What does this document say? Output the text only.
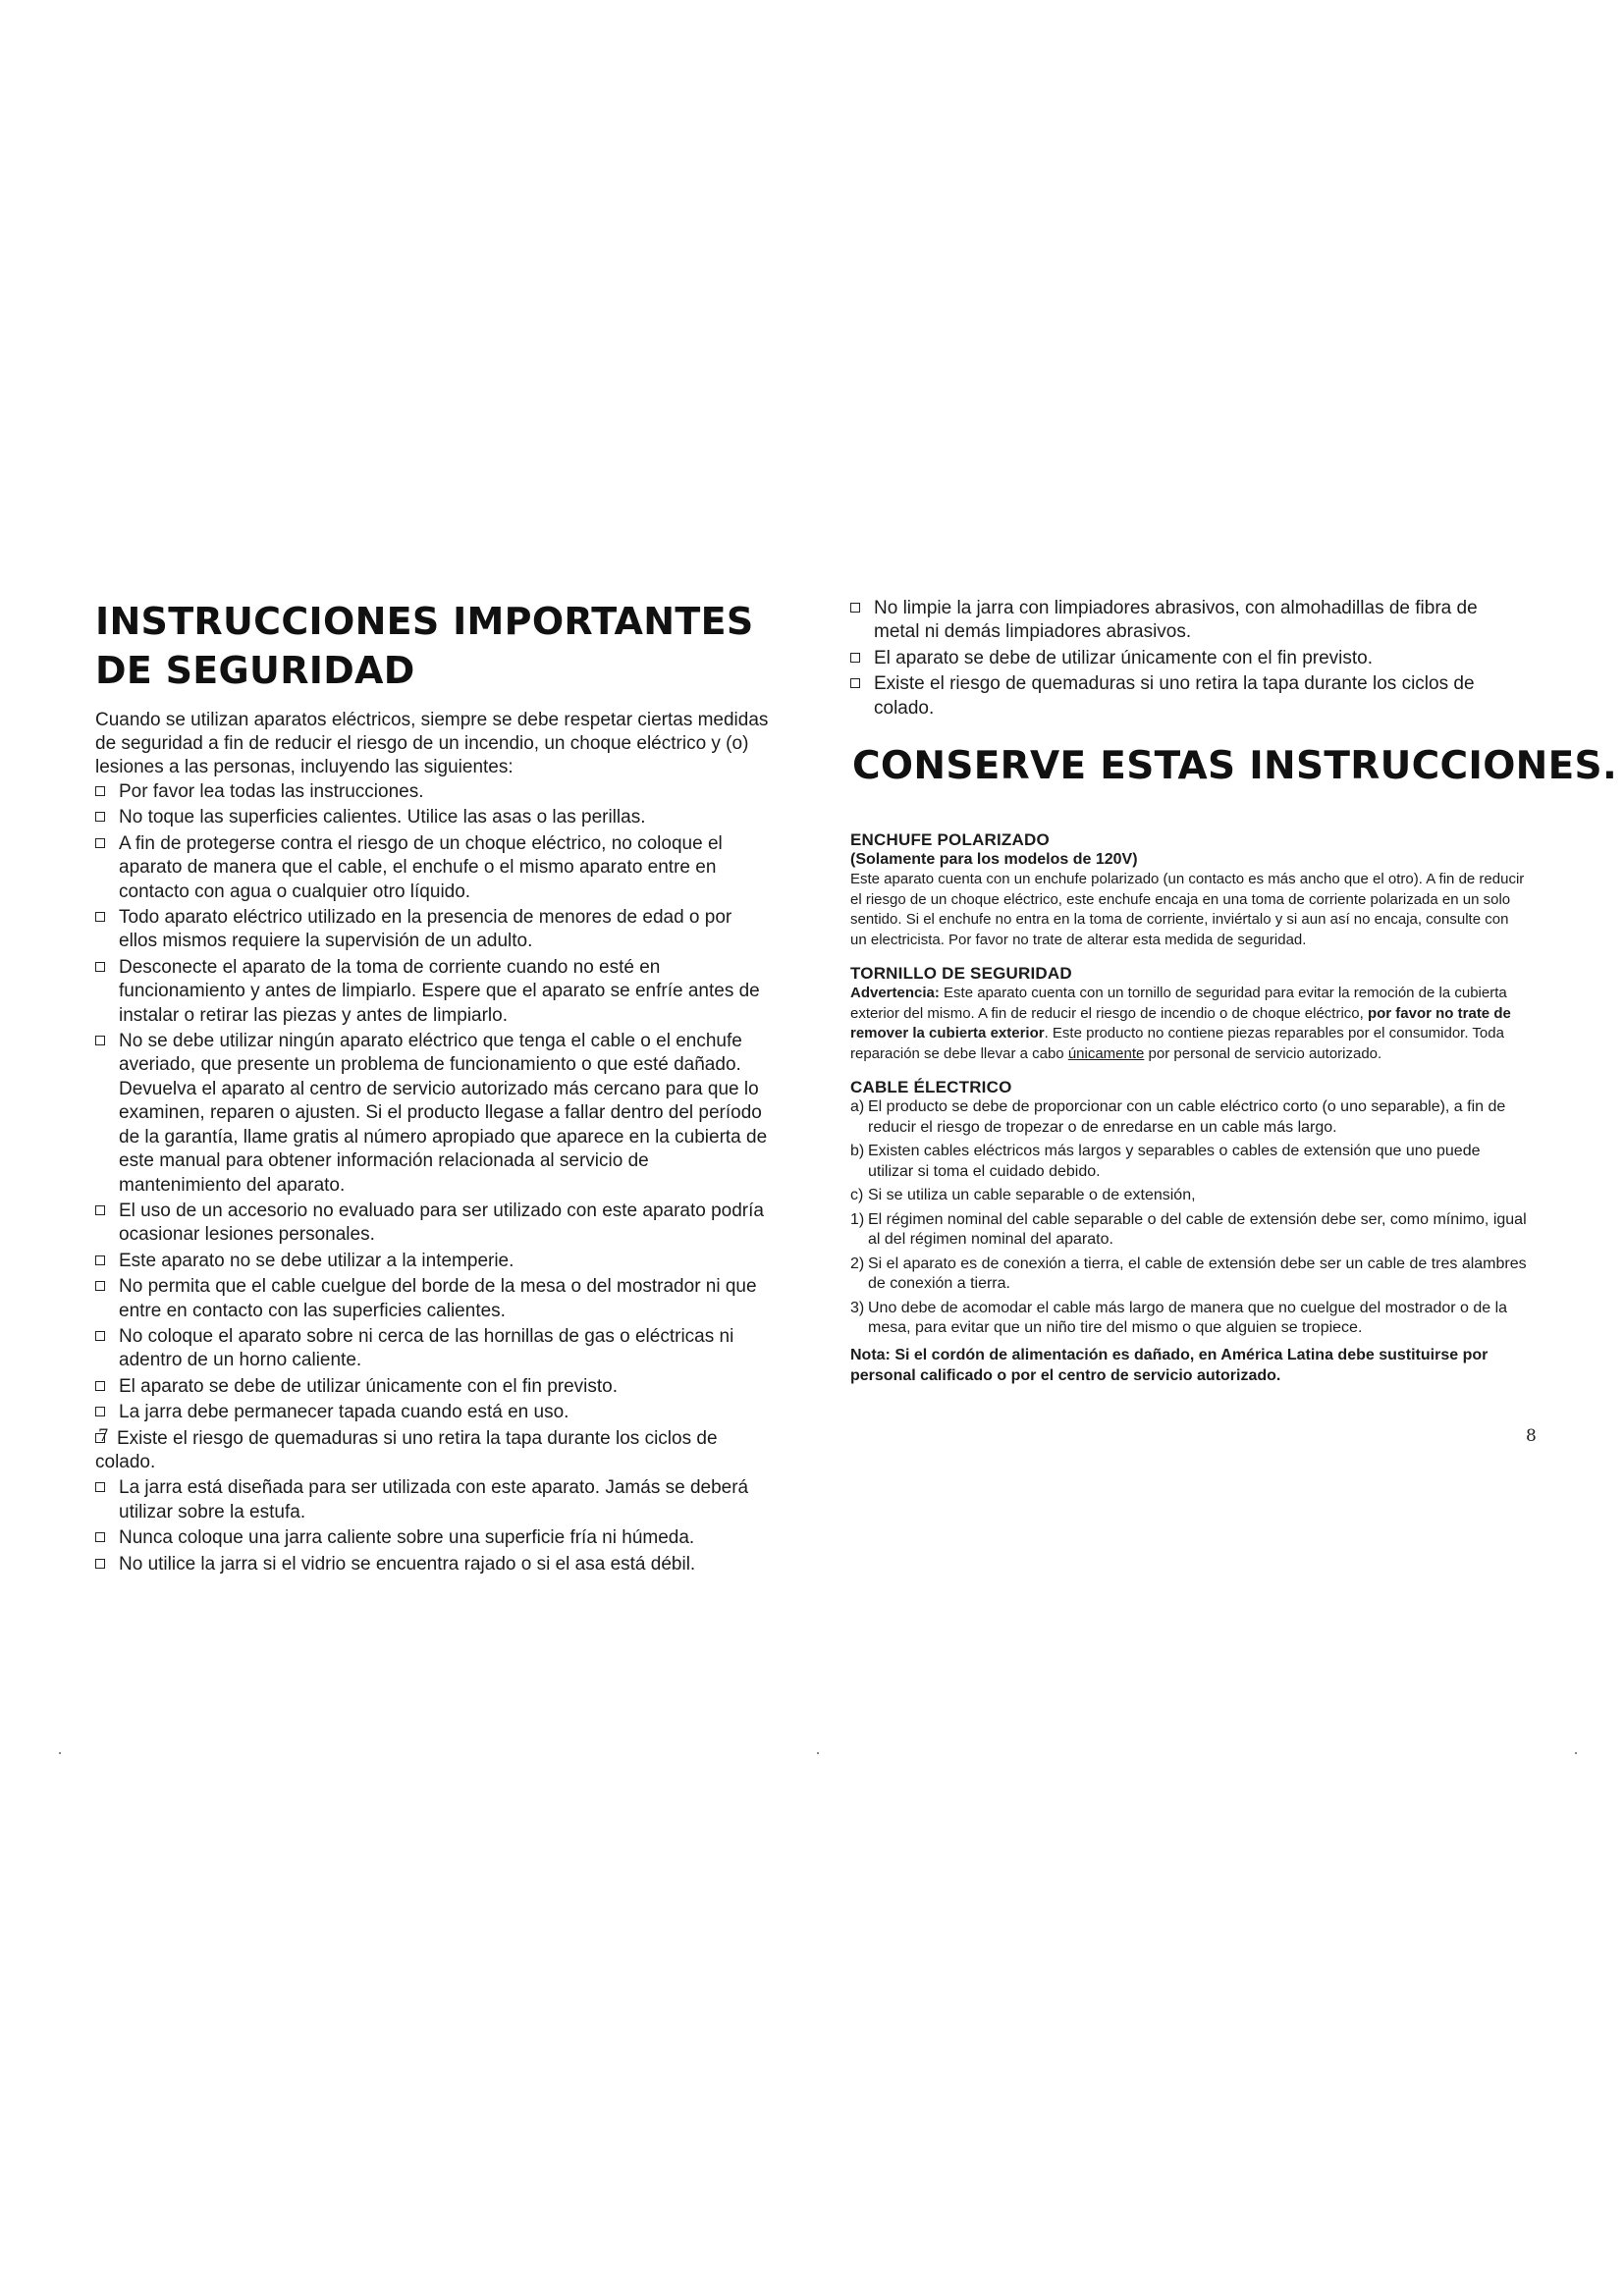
INSTRUCCIONES IMPORTANTES
DE SEGURIDAD

Cuando se utilizan aparatos eléctricos, siempre se debe respetar ciertas medidas de seguridad a fin de reducir el riesgo de un incendio, un choque eléctrico y (o) lesiones a las personas, incluyendo las siguientes:

Por favor lea todas las instrucciones.
No toque las superficies calientes. Utilice las asas o las perillas.
A fin de protegerse contra el riesgo de un choque eléctrico, no coloque el aparato de manera que el cable, el enchufe o el mismo aparato entre en contacto con agua o cualquier otro líquido.
Todo aparato eléctrico utilizado en la presencia de menores de edad o por ellos mismos requiere la supervisión de un adulto.
Desconecte el aparato de la toma de corriente cuando no esté en funcionamiento y antes de limpiarlo. Espere que el aparato se enfríe antes de instalar o retirar las piezas y antes de limpiarlo.
No se debe utilizar ningún aparato eléctrico que tenga el cable o el enchufe averiado, que presente un problema de funcionamiento o que esté dañado. Devuelva el aparato al centro de servicio autorizado más cercano para que lo examinen, reparen o ajusten. Si el producto llegase a fallar dentro del período de la garantía, llame gratis al número apropiado que aparece en la cubierta de este manual para obtener información relacionada al servicio de mantenimiento del aparato.
El uso de un accesorio no evaluado para ser utilizado con este aparato podría ocasionar lesiones personales.
Este aparato no se debe utilizar a la intemperie.
No permita que el cable cuelgue del borde de la mesa o del mostrador ni que entre en contacto con las superficies calientes.
No coloque el aparato sobre ni cerca de las hornillas de gas o eléctricas ni adentro de un horno caliente.
El aparato se debe de utilizar únicamente con el fin previsto.
La jarra debe permanecer tapada cuando está en uso.
Existe el riesgo de quemaduras si uno retira la tapa durante los ciclos de colado.
La jarra está diseñada para ser utilizada con este aparato. Jamás se deberá utilizar sobre la estufa.
Nunca coloque una jarra caliente sobre una superficie fría ni húmeda.
No utilice la jarra si el vidrio se encuentra rajado o si el asa está débil.
No limpie la jarra con limpiadores abrasivos, con almohadillas de fibra de metal ni demás limpiadores abrasivos.
El aparato se debe de utilizar únicamente con el fin previsto.
Existe el riesgo de quemaduras si uno retira la tapa durante los ciclos de colado.
CONSERVE ESTAS INSTRUCCIONES.

ENCHUFE POLARIZADO

(Solamente para los modelos de 120V)

Este aparato cuenta con un enchufe polarizado (un contacto es más ancho que el otro). A fin de reducir el riesgo de un choque eléctrico, este enchufe encaja en una toma de corriente polarizada en un solo sentido. Si el enchufe no entra en la toma de corriente, inviértalo y si aun así no encaja, consulte con un electricista. Por favor no trate de alterar esta medida de seguridad.

TORNILLO DE SEGURIDAD

Advertencia: Este aparato cuenta con un tornillo de seguridad para evitar la remoción de la cubierta exterior del mismo. A fin de reducir el riesgo de incendio o de choque eléctrico, por favor no trate de remover la cubierta exterior. Este producto no contiene piezas reparables por el consumidor. Toda reparación se debe llevar a cabo únicamente por personal de servicio autorizado.

CABLE ÉLECTRICO

a) El producto se debe de proporcionar con un cable eléctrico corto (o uno separable), a fin de reducir el riesgo de tropezar o de enredarse en un cable más largo.
b) Existen cables eléctricos más largos y separables o cables de extensión que uno puede utilizar si toma el cuidado debido.
c) Si se utiliza un cable separable o de extensión,
1) El régimen nominal del cable separable o del cable de extensión debe ser, como mínimo, igual al del régimen nominal del aparato.
2) Si el aparato es de conexión a tierra, el cable de extensión debe ser un cable de tres alambres de conexión a tierra.
3) Uno debe de acomodar el cable más largo de manera que no cuelgue del mostrador o de la mesa, para evitar que un niño tire del mismo o que alguien se tropiece.

Nota: Si el cordón de alimentación es dañado, en América Latina debe sustituirse por personal calificado o por el centro de servicio autorizado.

7	8
